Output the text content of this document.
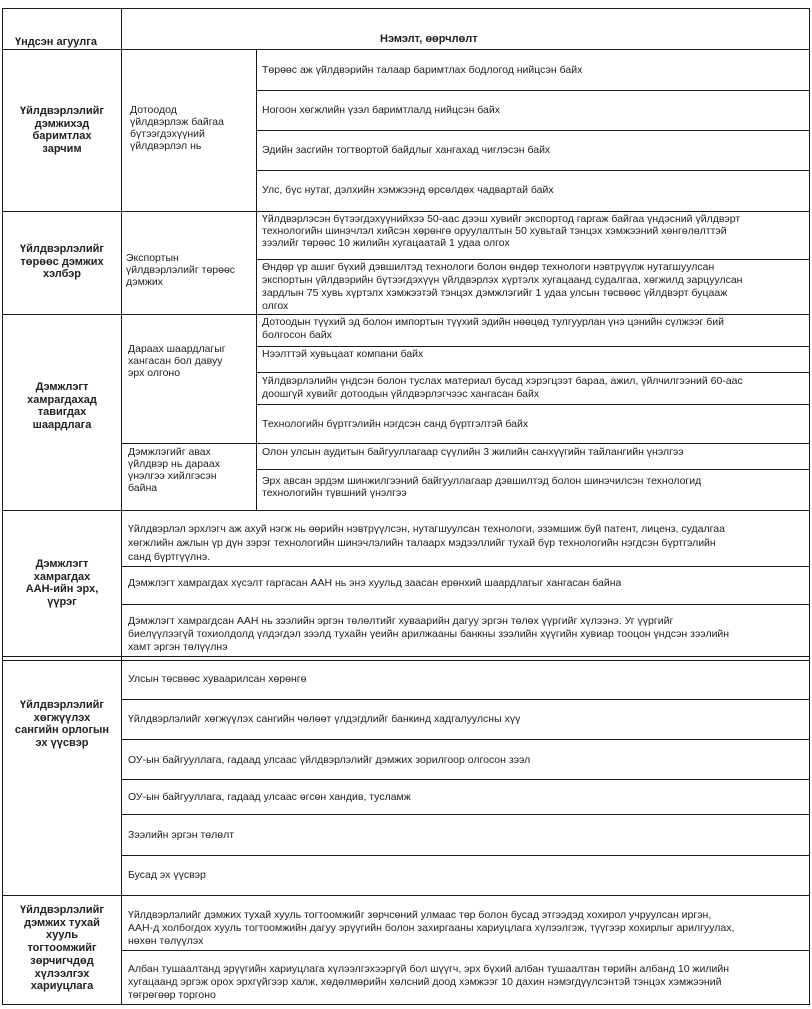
Үндсэн агуулга	Нэмэлт, өөрчлөлт
Үйлдвэрлэлийг
дэмжихэд
баримтлах
зарчим
Дотоодод
үйлдвэрлэж байгаа
бүтээгдэхүүний
үйлдвэрлэл нь
Төрөөс аж үйлдвэрийн талаар баримтлах бодлогод нийцсэн байх
Ногоон хөгжлийн үзэл баримтлалд нийцсэн байх
Эдийн засгийн тогтвортой байдлыг хангахад чиглэсэн байх
Улс, бүс нутаг, дэлхийн хэмжээнд өрсөлдөх чадвартай байх
Үйлдвэрлэлийг
төрөөс дэмжих
хэлбэр
Экспортын
үйлдвэрлэлийг төрөөс
дэмжих
Үйлдвэрлэсэн бүтээгдэхүүнийхээ 50-аас дээш хувийг экспортод гаргаж байгаа үндэсний үйлдвэрт
технологийн шинэчлэл хийсэн хөрөнгө оруулалтын 50 хувьтай тэнцэх хэмжээний хөнгөлөлттэй
зээлийг төрөөс 10 жилийн хугацаатай 1 удаа олгох
Өндөр үр ашиг бүхий дэвшилтэд технологи болон өндөр технологи нэвтрүүлж нутагшуулсан
экспортын үйлдвэрийн бүтээгдэхүүн үйлдвэрлэх хүртэлх хугацаанд судалгаа, хөгжилд зарцуулсан
зардлын 75 хувь хүртэлх хэмжээтэй тэнцэх дэмжлэгийг 1 удаа улсын төсвөөс үйлдвэрт буцааж
олгох
Дэмжлэгт
хамрагдахад
тавигдах
шаардлага
Дараах шаардлагыг
хангасан бол давуу
эрх олгоно
Дотоодын түүхий эд болон импортын түүхий эдийн нөөцөд тулгуурлан үнэ цэнийн сүлжээг бий
болгосон байх
Нээлттэй хувьцаат компани байх
Үйлдвэрлэлийн үндсэн болон туслах материал бусад хэрэгцээт бараа, ажил, үйлчилгээний 60-аас
доошгүй хувийг дотоодын үйлдвэрлэгчээс хангасан байх
Технологийн бүртгэлийн нэгдсэн санд бүртгэлтэй байх
Дэмжлэгийг авах
үйлдвэр нь дараах
үнэлгээ хийлгэсэн
байна
Олон улсын аудитын байгууллагаар сүүлийн 3 жилийн санхүүгийн тайлангийн үнэлгээ
Эрх авсан эрдэм шинжилгээний байгууллагаар дэвшилтэд болон шинэчилсэн технологид
технологийн түвшний үнэлгээ
Дэмжлэгт
хамрагдах
ААН-ийн эрх,
үүрэг
Үйлдвэрлэл эрхлэгч аж ахуй нэгж нь өөрийн нэвтрүүлсэн, нутагшуулсан технологи, эзэмшиж буй патент, лиценз, судалгаа
хөгжлийн ажлын үр дүн зэрэг технологийн шинэчлэлийн талаарх мэдээллийг тухай бүр технологийн нэгдсэн бүртгэлийн
санд бүртгүүлнэ.
Дэмжлэгт хамрагдах хүсэлт гаргасан ААН нь энэ хуульд заасан ерөнхий шаардлагыг хангасан байна
Дэмжлэгт хамрагдсан ААН нь зээлийн эргэн төлөлтийг хуваарийн дагуу эргэн төлөх үүргийг хүлээнэ. Уг үүргийг
биелүүлээгүй тохиолдолд үлдэгдэл зээлд тухайн үеийн арилжааны банкны зээлийн хүүгийн хувиар тооцон үндсэн зээлийн
хамт эргэн төлүүлнэ
Үйлдвэрлэлийг
хөгжүүлэх
сангийн орлогын
эх үүсвэр
Улсын төсвөөс хуваарилсан хөрөнгө
Үйлдвэрлэлийг хөгжүүлэх сангийн чөлөөт үлдэгдлийг банкинд хадгалуулсны хүү
ОУ-ын байгууллага, гадаад улсаас үйлдвэрлэлийг дэмжих зорилгоор олгосон зээл
ОУ-ын байгууллага, гадаад улсаас өгсөн хандив, тусламж
Зээлийн эргэн төлөлт
Бусад эх үүсвэр
Үйлдвэрлэлийг
дэмжих тухай
хууль
тогтоомжийг
зөрчигчдөд
хүлээлгэх
хариуцлага
Үйлдвэрлэлийг дэмжих тухай хууль тогтоомжийг зөрчсөний улмаас төр болон бусад этгээдэд хохирол учруулсан иргэн,
ААН-д холбогдох хууль тогтоомжийн дагуу эрүүгийн болон захиргааны хариуцлага хүлээлгэж, түүгээр хохирлыг арилгуулах,
нөхөн төлүүлэх
Албан тушаалтанд эрүүгийн хариуцлага хүлээлгэхээргүй бол шүүгч, эрх бүхий албан тушаалтан төрийн албанд 10 жилийн
хугацаанд эргэж орох эрхгүйгээр халж, хөдөлмөрийн хөлсний доод хэмжээг 10 дахин нэмэгдүүлсэнтэй тэнцэх хэмжээний
төгрөгөөр торгоно
